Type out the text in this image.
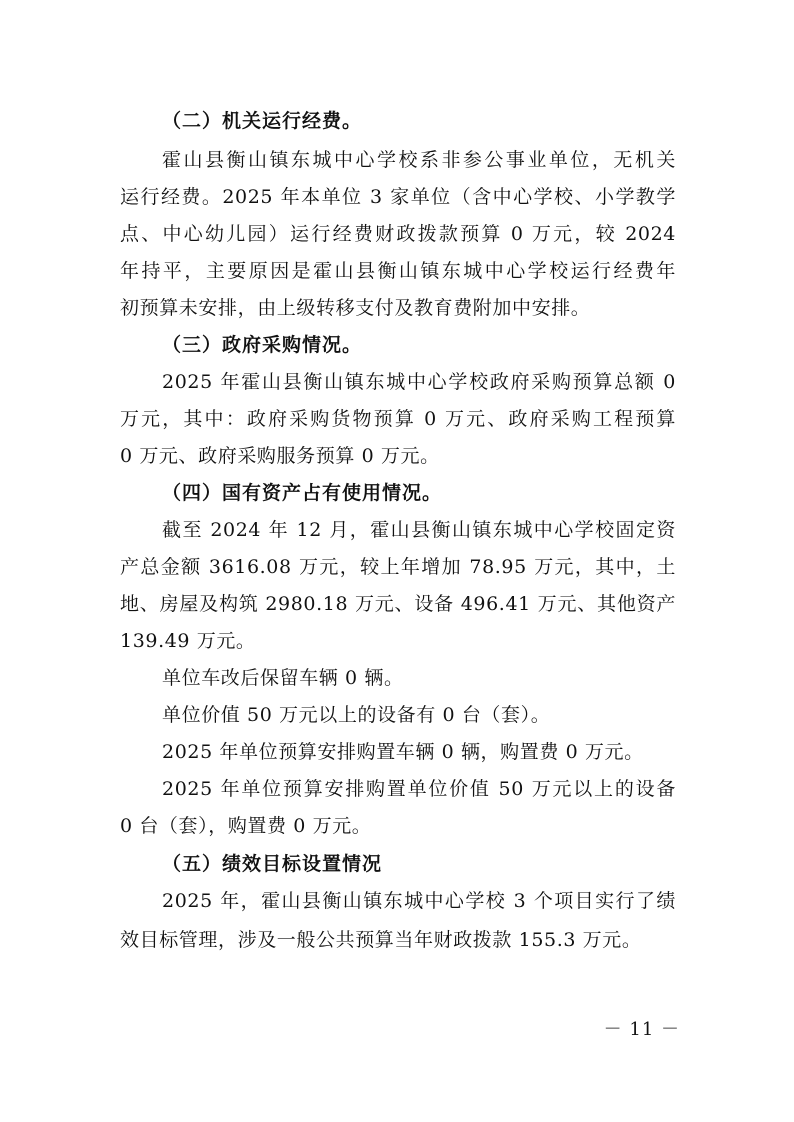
（二）机关运行经费。
霍山县衡山镇东城中心学校系非参公事业单位，无机关
运行经费。2025 年本单位 3 家单位（含中心学校、小学教学
点、中心幼儿园）运行经费财政拨款预算 0 万元，较 2024
年持平，主要原因是霍山县衡山镇东城中心学校运行经费年
初预算未安排，由上级转移支付及教育费附加中安排。
（三）政府采购情况。
2025 年霍山县衡山镇东城中心学校政府采购预算总额 0
万元，其中：政府采购货物预算 0 万元、政府采购工程预算
0 万元、政府采购服务预算 0 万元。
（四）国有资产占有使用情况。
截至 2024 年 12 月，霍山县衡山镇东城中心学校固定资
产总金额 3616.08 万元，较上年增加 78.95 万元，其中，土
地、房屋及构筑 2980.18 万元、设备 496.41 万元、其他资产
139.49 万元。
单位车改后保留车辆 0 辆。
单位价值 50 万元以上的设备有 0 台（套）。
2025 年单位预算安排购置车辆 0 辆，购置费 0 万元。
2025 年单位预算安排购置单位价值 50 万元以上的设备
0 台（套），购置费 0 万元。
（五）绩效目标设置情况
2025 年，霍山县衡山镇东城中心学校 3 个项目实行了绩
效目标管理，涉及一般公共预算当年财政拨款 155.3 万元。
－ 11 －
